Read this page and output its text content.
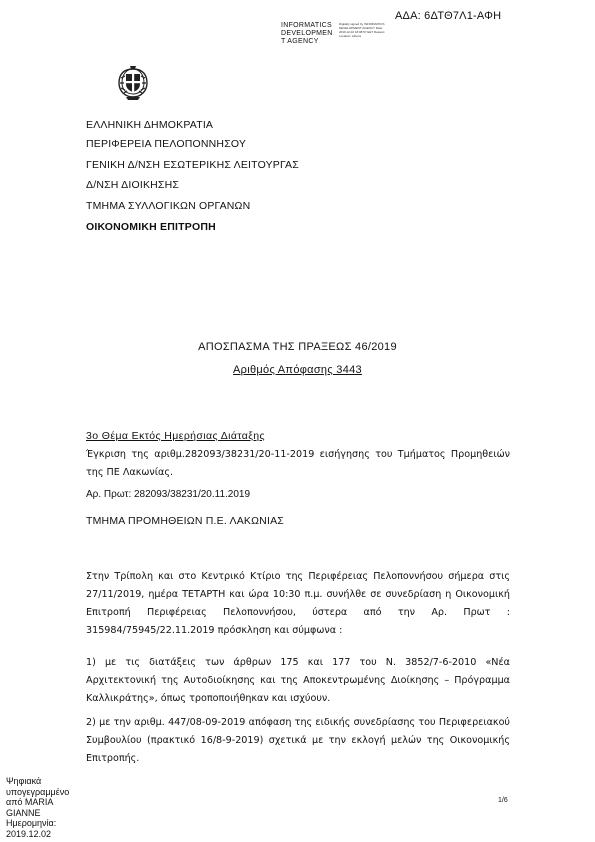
ΑΔΑ: 6ΔΤΘ7Λ1-ΑΦΗ
INFORMATICS
DEVELOPMEN
T AGENCY
Digitally signed by INFORMATICS DEVELOPMENT AGENCY Date: 2019.12.02 18:08:57 EET Reason: Location: Athens
ΕΛΛΗΝΙΚΗ ΔΗΜΟΚΡΑΤΙΑ
ΠΕΡΙΦΕΡΕΙΑ ΠΕΛΟΠΟΝΝΗΣΟΥ
ΓΕΝΙΚΗ Δ/ΝΣΗ ΕΣΩΤΕΡΙΚΗΣ ΛΕΙΤΟΥΡΓΑΣ
Δ/ΝΣΗ ΔΙΟΙΚΗΣΗΣ
ΤΜΗΜΑ ΣΥΛΛΟΓΙΚΩΝ ΟΡΓΑΝΩΝ
ΟΙΚΟΝΟΜΙΚΗ ΕΠΙΤΡΟΠΗ
ΑΠΟΣΠΑΣΜΑ ΤΗΣ ΠΡΑΞΕΩΣ 46/2019
Αριθμός Απόφασης 3443
3ο Θέμα Εκτός Ημερήσιας Διάταξης
Έγκριση της αριθμ.282093/38231/20-11-2019 εισήγησης του Τμήματος Προμηθειών της ΠΕ Λακωνίας.
Αρ. Πρωτ: 282093/38231/20.11.2019
ΤΜΗΜΑ ΠΡΟΜΗΘΕΙΩΝ Π.Ε. ΛΑΚΩΝΙΑΣ
Στην Τρίπολη και στο Κεντρικό Κτίριο της Περιφέρειας Πελοποννήσου σήμερα στις 27/11/2019, ημέρα ΤΕΤΑΡΤΗ και ώρα 10:30 π.μ. συνήλθε σε συνεδρίαση η Οικονομική Επιτροπή Περιφέρειας Πελοποννήσου, ύστερα από την Αρ. Πρωτ : 315984/75945/22.11.2019 πρόσκληση και σύμφωνα :
1) με τις διατάξεις των άρθρων 175 και 177 του Ν. 3852/7-6-2010 «Νέα Αρχιτεκτονική της Αυτοδιοίκησης και της Αποκεντρωμένης Διοίκησης – Πρόγραμμα Καλλικράτης», όπως τροποποιήθηκαν και ισχύουν.
2) με την αριθμ. 447/08-09-2019 απόφαση της ειδικής συνεδρίασης του Περιφερειακού Συμβουλίου (πρακτικό 16/8-9-2019) σχετικά με την εκλογή μελών της Οικονομικής Επιτροπής.
Ψηφιακά
υπογεγραμμένο
από MARIA
GIANNE
Ημερομηνία:
2019.12.02
1/6
